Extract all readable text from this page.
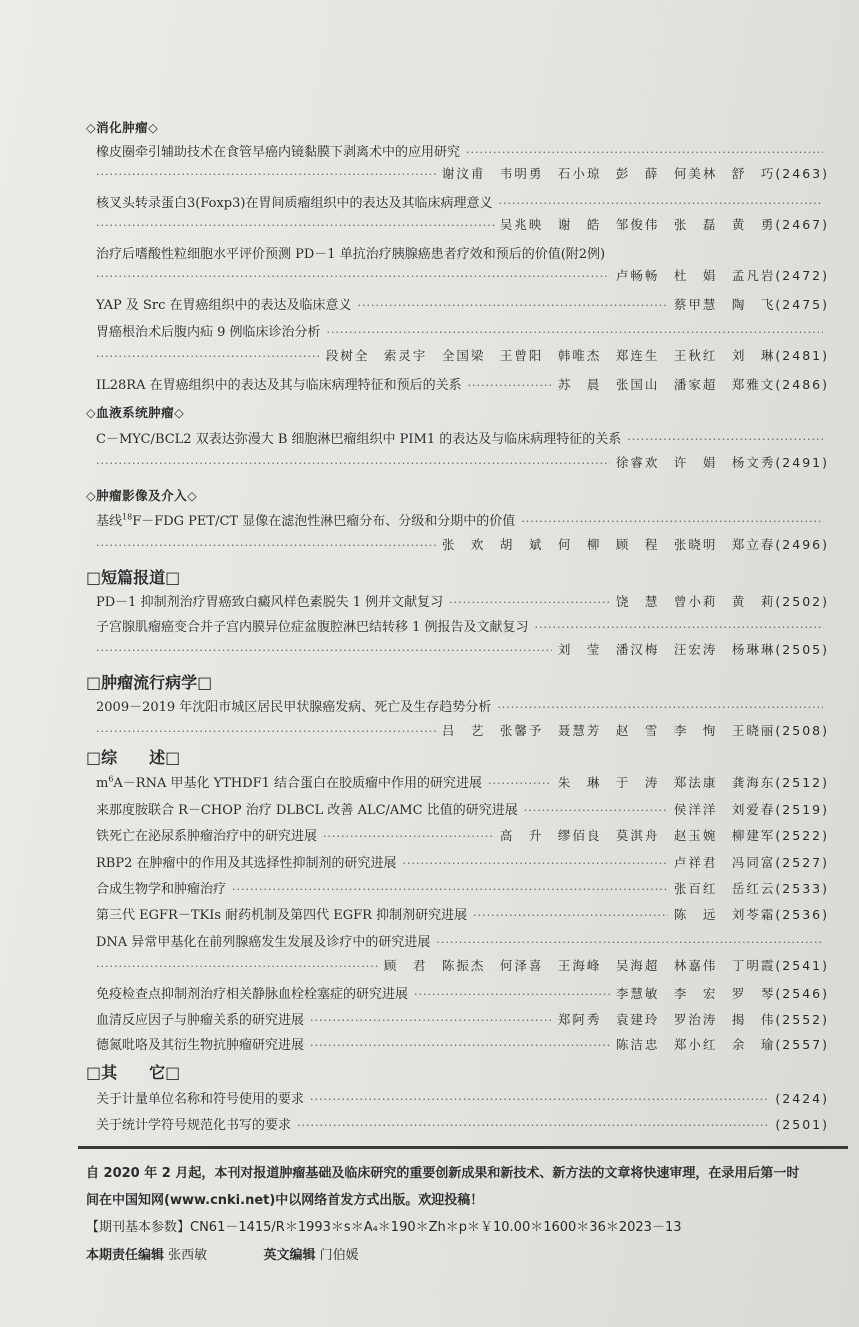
◇消化肿瘤◇
橡皮圈牵引辅助技术在食管早癌内镜黏膜下剥离术中的应用研究
·····
·····
谢汶甫　韦明勇　石小琼　彭　薛　何美林　舒　巧(2463)
核叉头转录蛋白3(Foxp3)在胃间质瘤组织中的表达及其临床病理意义
·····
·····
吴兆映　谢　皓　邹俊伟　张　磊　黄　勇(2467)
治疗后嗜酸性粒细胞水平评价预测 PD－1 单抗治疗胰腺癌患者疗效和预后的价值(附2例)
·····
卢畅畅　杜　娟　孟凡岩(2472)
YAP 及 Src 在胃癌组织中的表达及临床意义 ·····	蔡甲慧　陶　飞(2475)
胃癌根治术后腹内疝 9 例临床诊治分析
·····
·····
段树全　索灵宇　全国梁　王曾阳　韩唯杰　郑连生　王秋红　刘　琳(2481)
IL28RA 在胃癌组织中的表达及其与临床病理特征和预后的关系 ·····	苏　晨　张国山　潘家超　郑雅文(2486)
◇血液系统肿瘤◇
C－MYC/BCL2 双表达弥漫大 B 细胞淋巴瘤组织中 PIM1 的表达及与临床病理特征的关系
·····
·····
徐睿欢　许　娟　杨文秀(2491)
◇肿瘤影像及介入◇
基线$^{18}$F－FDG PET/CT 显像在滤泡性淋巴瘤分布、分级和分期中的价值
·····
·····
张　欢　胡　斌　何　柳　顾　程　张晓明　郑立春(2496)
□短篇报道□
PD－1 抑制剂治疗胃癌致白癜风样色素脱失 1 例并文献复习 ·····	饶　慧　曾小莉　黄　莉(2502)
子宫腺肌瘤癌变合并子宫内膜异位症盆腹腔淋巴结转移 1 例报告及文献复习
·····
·····
刘　莹　潘汉梅　汪宏涛　杨琳琳(2505)
□肿瘤流行病学□
2009－2019 年沈阳市城区居民甲状腺癌发病、死亡及生存趋势分析
·····
·····
吕　艺　张馨予　聂慧芳　赵　雪　李　恂　王晓丽(2508)
□综　　述□
$m^6A-RNA$ 甲基化 YTHDF1 结合蛋白在胶质瘤中作用的研究进展 ·····	朱　琳　于　涛　郑法康　龚海东(2512)
来那度胺联合 R－CHOP 治疗 DLBCL 改善 ALC/AMC 比值的研究进展 ·····	侯洋洋　刘爱春(2519)
铁死亡在泌尿系肿瘤治疗中的研究进展 ·····	高　升　缪佰良　莫淇舟　赵玉婉　柳建军(2522)
RBP2 在肿瘤中的作用及其选择性抑制剂的研究进展 ·····	卢祥君　冯同富(2527)
合成生物学和肿瘤治疗 ·····	张百红　岳红云(2533)
第三代 EGFR－TKIs 耐药机制及第四代 EGFR 抑制剂研究进展 ·····	陈　远　刘苓霜(2536)
DNA 异常甲基化在前列腺癌发生发展及诊疗中的研究进展
·····
·····
顾　君　陈振杰　何泽喜　王海峰　吴海超　林嘉伟　丁明霞(2541)
免疫检查点抑制剂治疗相关静脉血栓栓塞症的研究进展 ·····	李慧敏　李　宏　罗　琴(2546)
血清反应因子与肿瘤关系的研究进展 ·····	郑阿秀　袁建玲　罗治涛　揭　伟(2552)
德氮吡咯及其衍生物抗肿瘤研究进展 ·····	陈洁忠　郑小红　余　瑜(2557)
□其　　它□
关于计量单位名称和符号使用的要求 ·····	(2424)
关于统计学符号规范化书写的要求 ·····	(2501)
自 2020 年 2 月起，本刊对报道肿瘤基础及临床研究的重要创新成果和新技术、新方法的文章将快速审理，在录用后第一时
间在中国知网(www.cnki.net)中以网络首发方式出版。欢迎投稿！
【期刊基本参数】CN61－1415/R＊1993＊s＊A₄＊190＊Zh＊p＊￥10.00＊1600＊36＊2023－13
本期责任编辑 张西敏	英文编辑 门伯媛
